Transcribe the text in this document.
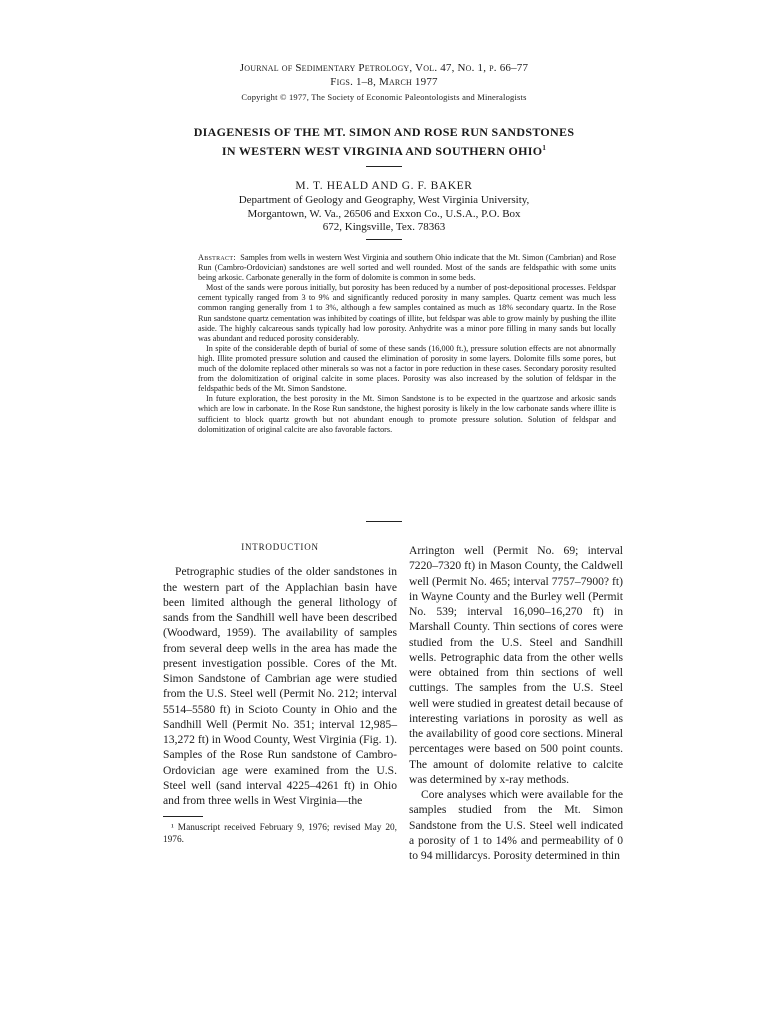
Journal of Sedimentary Petrology, Vol. 47, No. 1, p. 66–77
Figs. 1–8, March 1977
Copyright © 1977, The Society of Economic Paleontologists and Mineralogists
DIAGENESIS OF THE MT. SIMON AND ROSE RUN SANDSTONES
IN WESTERN WEST VIRGINIA AND SOUTHERN OHIO$^1$
M. T. HEALD AND G. F. BAKER
Department of Geology and Geography, West Virginia University,
Morgantown, W. Va., 26506 and Exxon Co., U.S.A., P.O. Box
672, Kingsville, Tex. 78363

Abstract: Samples from wells in western West Virginia and southern Ohio indicate that the Mt. Simon (Cambrian) and Rose Run (Cambro-Ordovician) sandstones are well sorted and well rounded. Most of the sands are feldspathic with some units being arkosic. Carbonate generally in the form of dolomite is common in some beds.

Most of the sands were porous initially, but porosity has been reduced by a number of post-depositional processes. Feldspar cement typically ranged from 3 to 9% and significantly reduced porosity in many samples. Quartz cement was much less common ranging generally from 1 to 3%, although a few samples contained as much as 18% secondary quartz. In the Rose Run sandstone quartz cementation was inhibited by coatings of illite, but feldspar was able to grow mainly by pushing the illite aside. The highly calcareous sands typically had low porosity. Anhydrite was a minor pore filling in many sands but locally was abundant and reduced porosity considerably.

In spite of the considerable depth of burial of some of these sands (16,000 ft.), pressure solution effects are not abnormally high. Illite promoted pressure solution and caused the elimination of porosity in some layers. Dolomite fills some pores, but much of the dolomite replaced other minerals so was not a factor in pore reduction in these cases. Secondary porosity resulted from the dolomitization of original calcite in some places. Porosity was also increased by the solution of feldspar in the feldspathic beds of the Mt. Simon Sandstone.

In future exploration, the best porosity in the Mt. Simon Sandstone is to be expected in the quartzose and arkosic sands which are low in carbonate. In the Rose Run sandstone, the highest porosity is likely in the low carbonate sands where illite is sufficient to block quartz growth but not abundant enough to promote pressure solution. Solution of feldspar and dolomitization of original calcite are also favorable factors.

INTRODUCTION

Petrographic studies of the older sandstones in the western part of the Applachian basin have been limited although the general lithology of sands from the Sandhill well have been described (Woodward, 1959). The availability of samples from several deep wells in the area has made the present investigation possible. Cores of the Mt. Simon Sandstone of Cambrian age were studied from the U.S. Steel well (Permit No. 212; interval 5514–5580 ft) in Scioto County in Ohio and the Sandhill Well (Permit No. 351; interval 12,985–13,272 ft) in Wood County, West Virginia (Fig. 1). Samples of the Rose Run sandstone of Cambro-Ordovician age were examined from the U.S. Steel well (sand interval 4225–4261 ft) in Ohio and from three wells in West Virginia—the

¹ Manuscript received February 9, 1976; revised May 20, 1976.

Arrington well (Permit No. 69; interval 7220–7320 ft) in Mason County, the Caldwell well (Permit No. 465; interval 7757–7900? ft) in Wayne County and the Burley well (Permit No. 539; interval 16,090–16,270 ft) in Marshall County. Thin sections of cores were studied from the U.S. Steel and Sandhill wells. Petrographic data from the other wells were obtained from thin sections of well cuttings. The samples from the U.S. Steel well were studied in greatest detail because of interesting variations in porosity as well as the availability of good core sections. Mineral percentages were based on 500 point counts. The amount of dolomite relative to calcite was determined by x-ray methods.

Core analyses which were available for the samples studied from the Mt. Simon Sandstone from the U.S. Steel well indicated a porosity of 1 to 14% and permeability of 0 to 94 millidarcys. Porosity determined in thin
